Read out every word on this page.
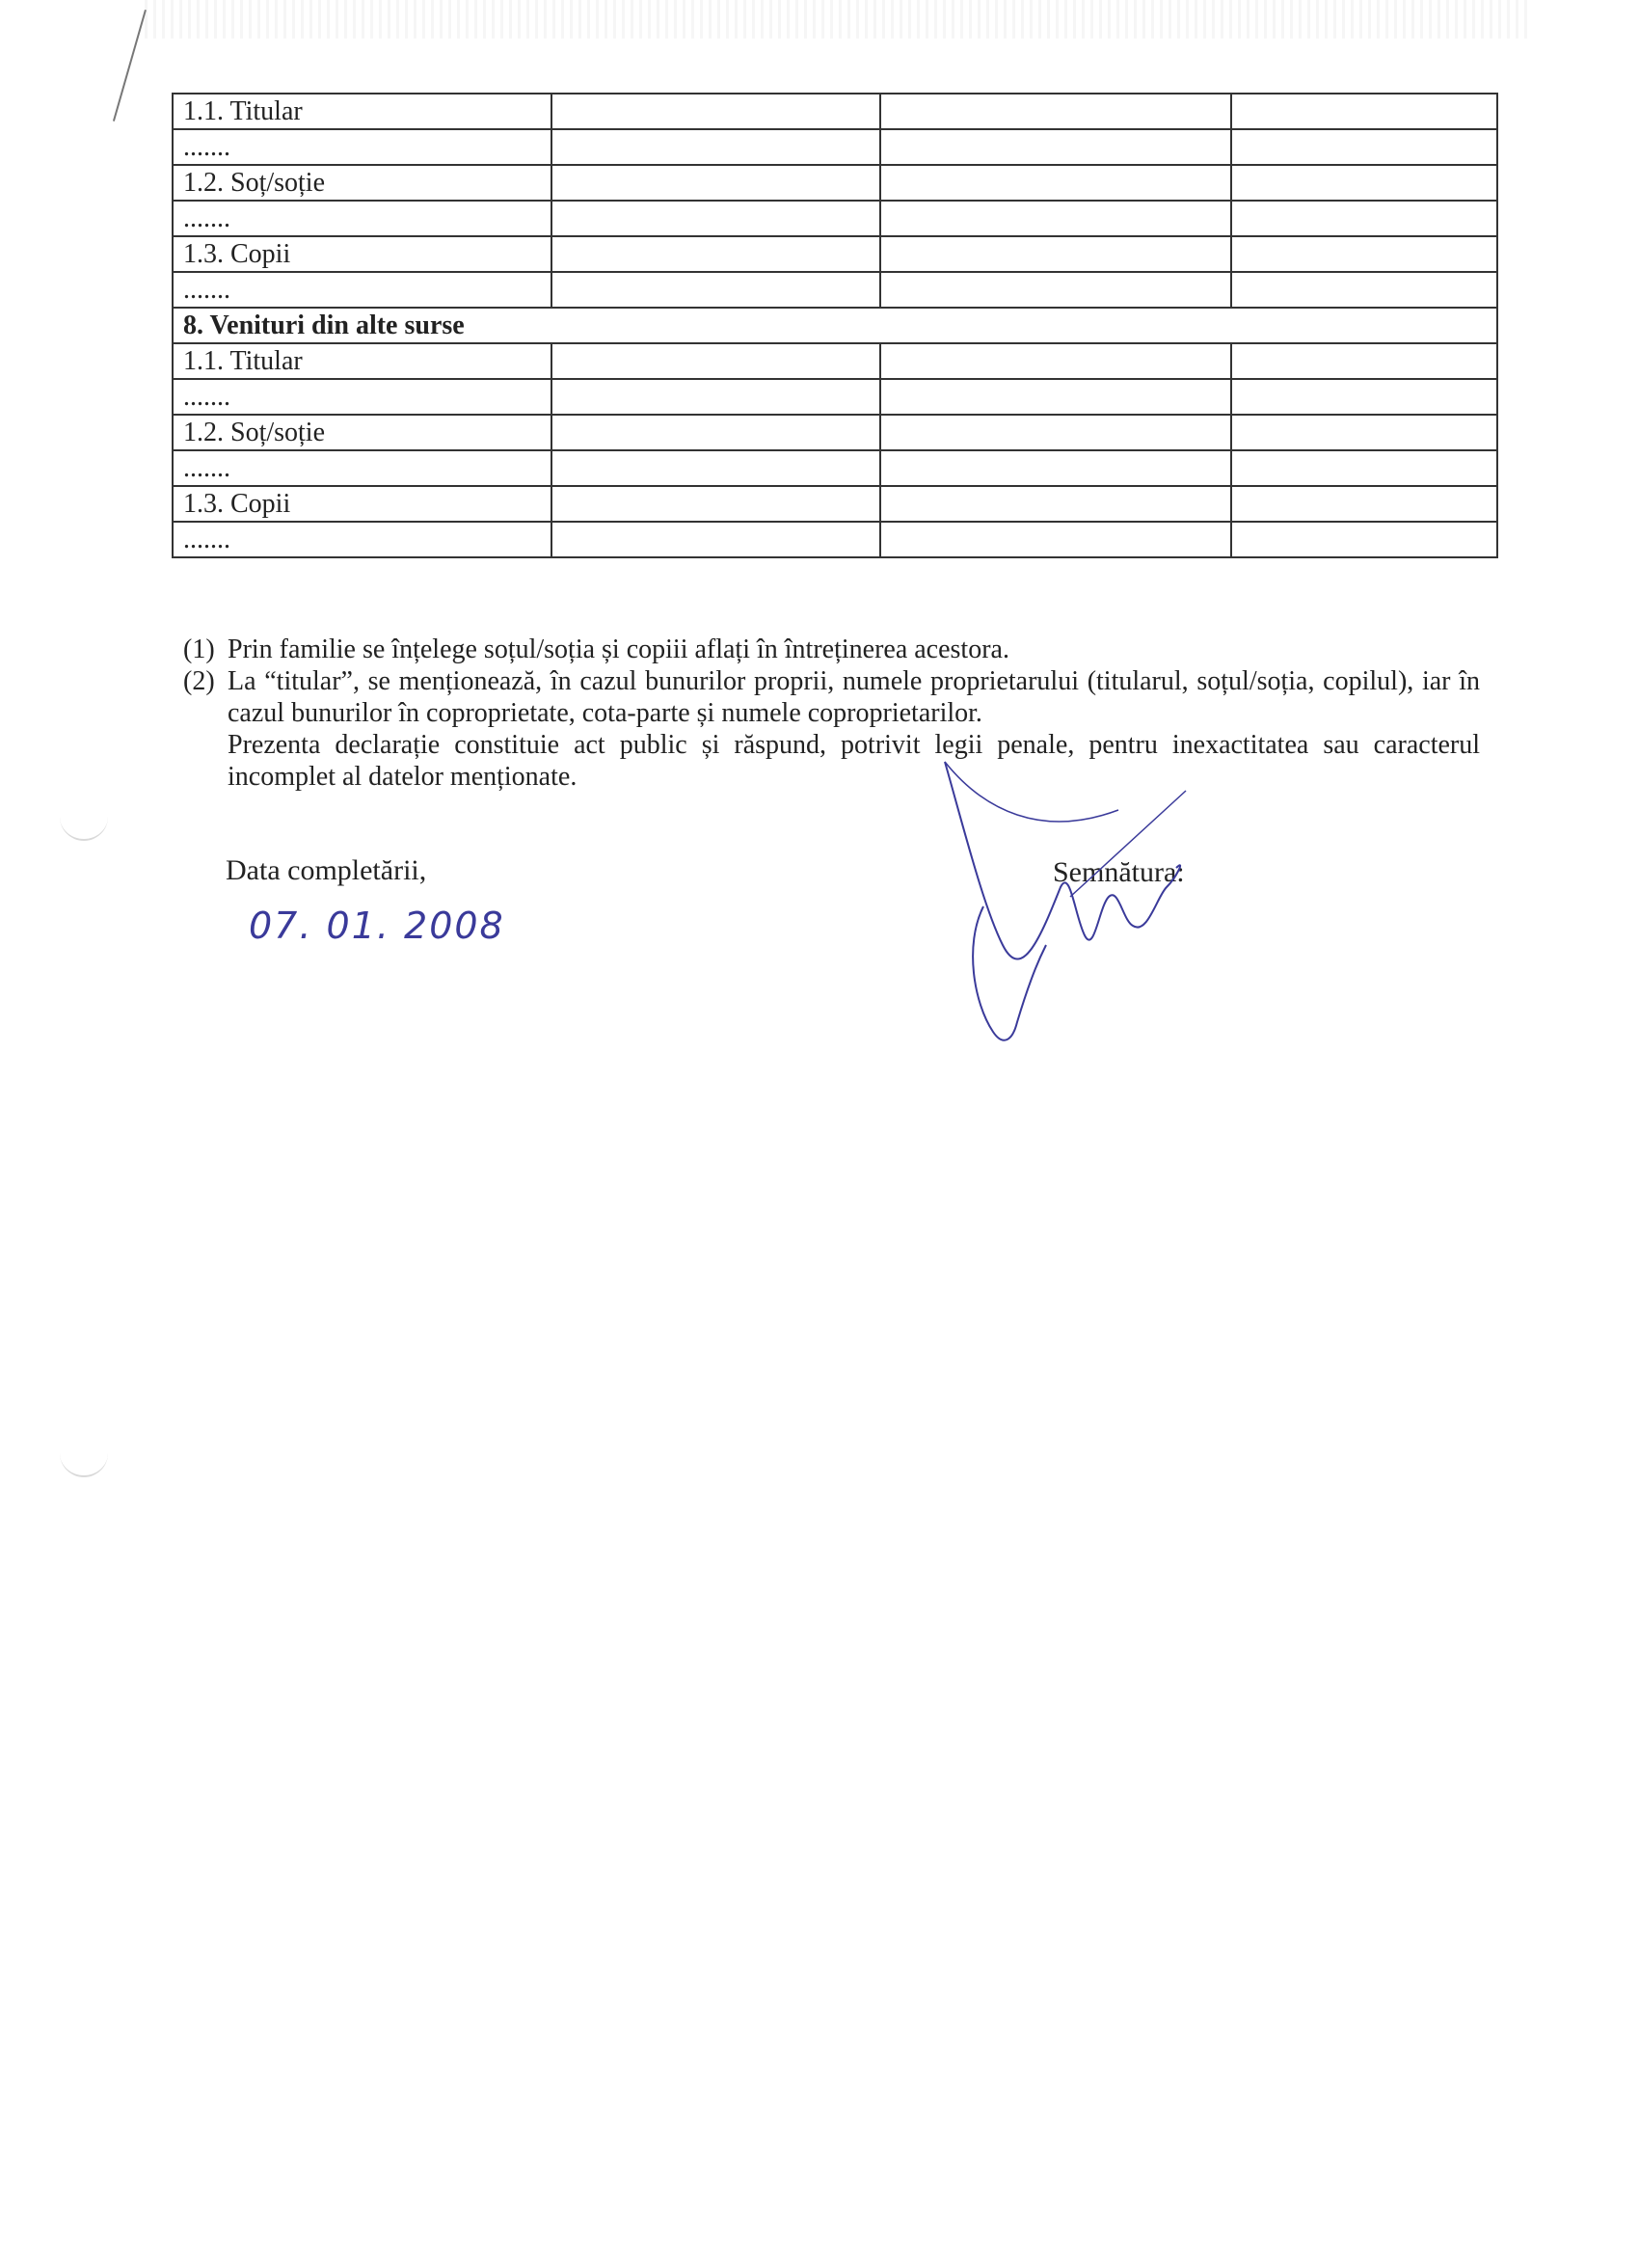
1.1. Titular			
.......			
1.2. Soț/soție			
.......			
1.3. Copii			
.......			
8. Venituri din alte surse			
1.1. Titular			
.......			
1.2. Soț/soție			
.......			
1.3. Copii			
.......			
(1) Prin familie se înțelege soțul/soția și copiii aflați în întreținerea acestora.
(2) La “titular”, se menționează, în cazul bunurilor proprii, numele proprietarului (titularul, soțul/soția, copilul), iar în cazul bunurilor în coproprietate, cota-parte și numele coproprietarilor.
Prezenta declarație constituie act public și răspund, potrivit legii penale, pentru inexactitatea sau caracterul incomplet al datelor menționate.
Data completării,
07. 01. 2008
Semnătura:
